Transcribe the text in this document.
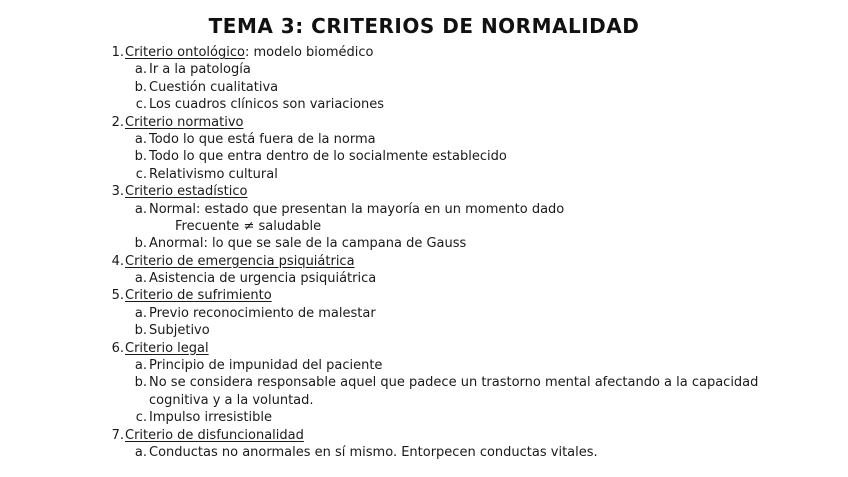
TEMA 3: CRITERIOS DE NORMALIDAD
1. Criterio ontológico: modelo biomédico
a. Ir a la patología
b. Cuestión cualitativa
c. Los cuadros clínicos son variaciones
2. Criterio normativo
a. Todo lo que está fuera de la norma
b. Todo lo que entra dentro de lo socialmente establecido
c. Relativismo cultural
3. Criterio estadístico
a. Normal: estado que presentan la mayoría en un momento dado
Frecuente ≠ saludable
b. Anormal: lo que se sale de la campana de Gauss
4. Criterio de emergencia psiquiátrica
a. Asistencia de urgencia psiquiátrica
5. Criterio de sufrimiento
a. Previo reconocimiento de malestar
b. Subjetivo
6. Criterio legal
a. Principio de impunidad del paciente
b. No se considera responsable aquel que padece un trastorno mental afectando a la capacidad
cognitiva y a la voluntad.
c. Impulso irresistible
7. Criterio de disfuncionalidad
a. Conductas no anormales en sí mismo. Entorpecen conductas vitales.
